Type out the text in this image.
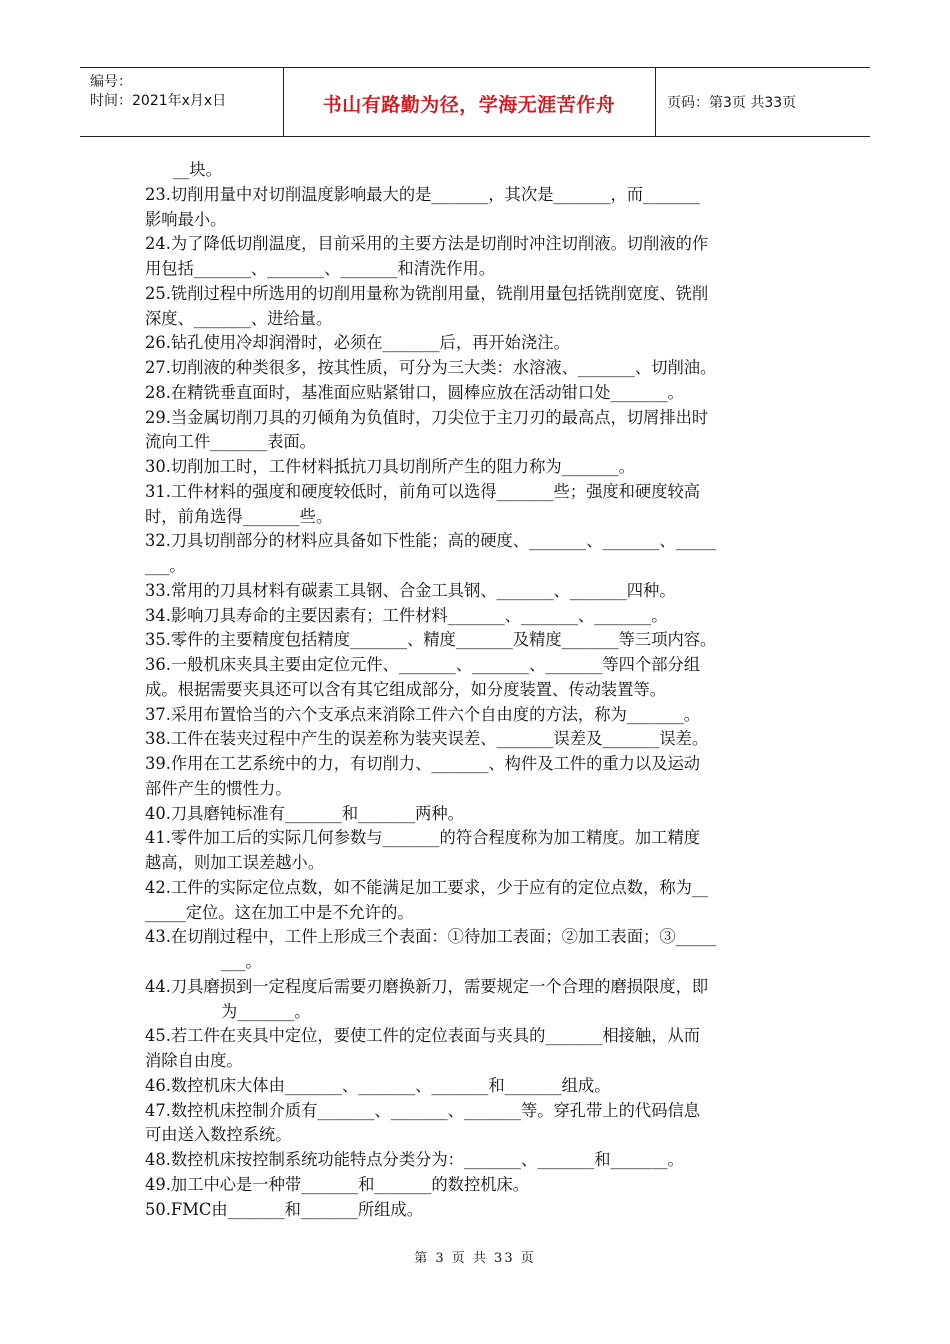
编号：
时间：2021年x月x日	书山有路勤为径，学海无涯苦作舟	页码：第3页 共33页
__块。
23.切削用量中对切削温度影响最大的是_______，其次是_______，而_______
影响最小。
24.为了降低切削温度，目前采用的主要方法是切削时冲注切削液。切削液的作
用包括_______、_______、_______和清洗作用。
25.铣削过程中所选用的切削用量称为铣削用量，铣削用量包括铣削宽度、铣削
深度、_______、进给量。
26.钻孔使用冷却润滑时，必须在_______后，再开始浇注。
27.切削液的种类很多，按其性质，可分为三大类：水溶液、_______、切削油。
28.在精铣垂直面时，基准面应贴紧钳口，圆棒应放在活动钳口处_______。
29.当金属切削刀具的刃倾角为负值时，刀尖位于主刀刃的最高点，切屑排出时
流向工件_______表面。
30.切削加工时，工件材料抵抗刀具切削所产生的阻力称为_______。
31.工件材料的强度和硬度较低时，前角可以选得_______些；强度和硬度较高
时，前角选得_______些。
32.刀具切削部分的材料应具备如下性能；高的硬度、_______、_______、_____
___。
33.常用的刀具材料有碳素工具钢、合金工具钢、_______、_______四种。
34.影响刀具寿命的主要因素有；工件材料_______、_______、_______。
35.零件的主要精度包括精度_______、精度_______及精度_______等三项内容。
36.一般机床夹具主要由定位元件、_______、_______、_______等四个部分组
成。根据需要夹具还可以含有其它组成部分，如分度装置、传动装置等。
37.采用布置恰当的六个支承点来消除工件六个自由度的方法，称为_______。
38.工件在装夹过程中产生的误差称为装夹误差、_______误差及_______误差。
39.作用在工艺系统中的力，有切削力、_______、构件及工件的重力以及运动
部件产生的惯性力。
40.刀具磨钝标准有_______和_______两种。
41.零件加工后的实际几何参数与_______的符合程度称为加工精度。加工精度
越高，则加工误差越小。
42.工件的实际定位点数，如不能满足加工要求，少于应有的定位点数，称为__
_____定位。这在加工中是不允许的。
43.在切削过程中，工件上形成三个表面：①待加工表面；②加工表面；③_____
___。
44.刀具磨损到一定程度后需要刃磨换新刀，需要规定一个合理的磨损限度，即
为_______。
45.若工件在夹具中定位，要使工件的定位表面与夹具的_______相接触，从而
消除自由度。
46.数控机床大体由_______、_______、_______和_______组成。
47.数控机床控制介质有_______、_______、_______等。穿孔带上的代码信息
可由送入数控系统。
48.数控机床按控制系统功能特点分类分为：_______、_______和_______。
49.加工中心是一种带_______和_______的数控机床。
50.FMC由_______和_______所组成。
第 3 页 共 33 页
